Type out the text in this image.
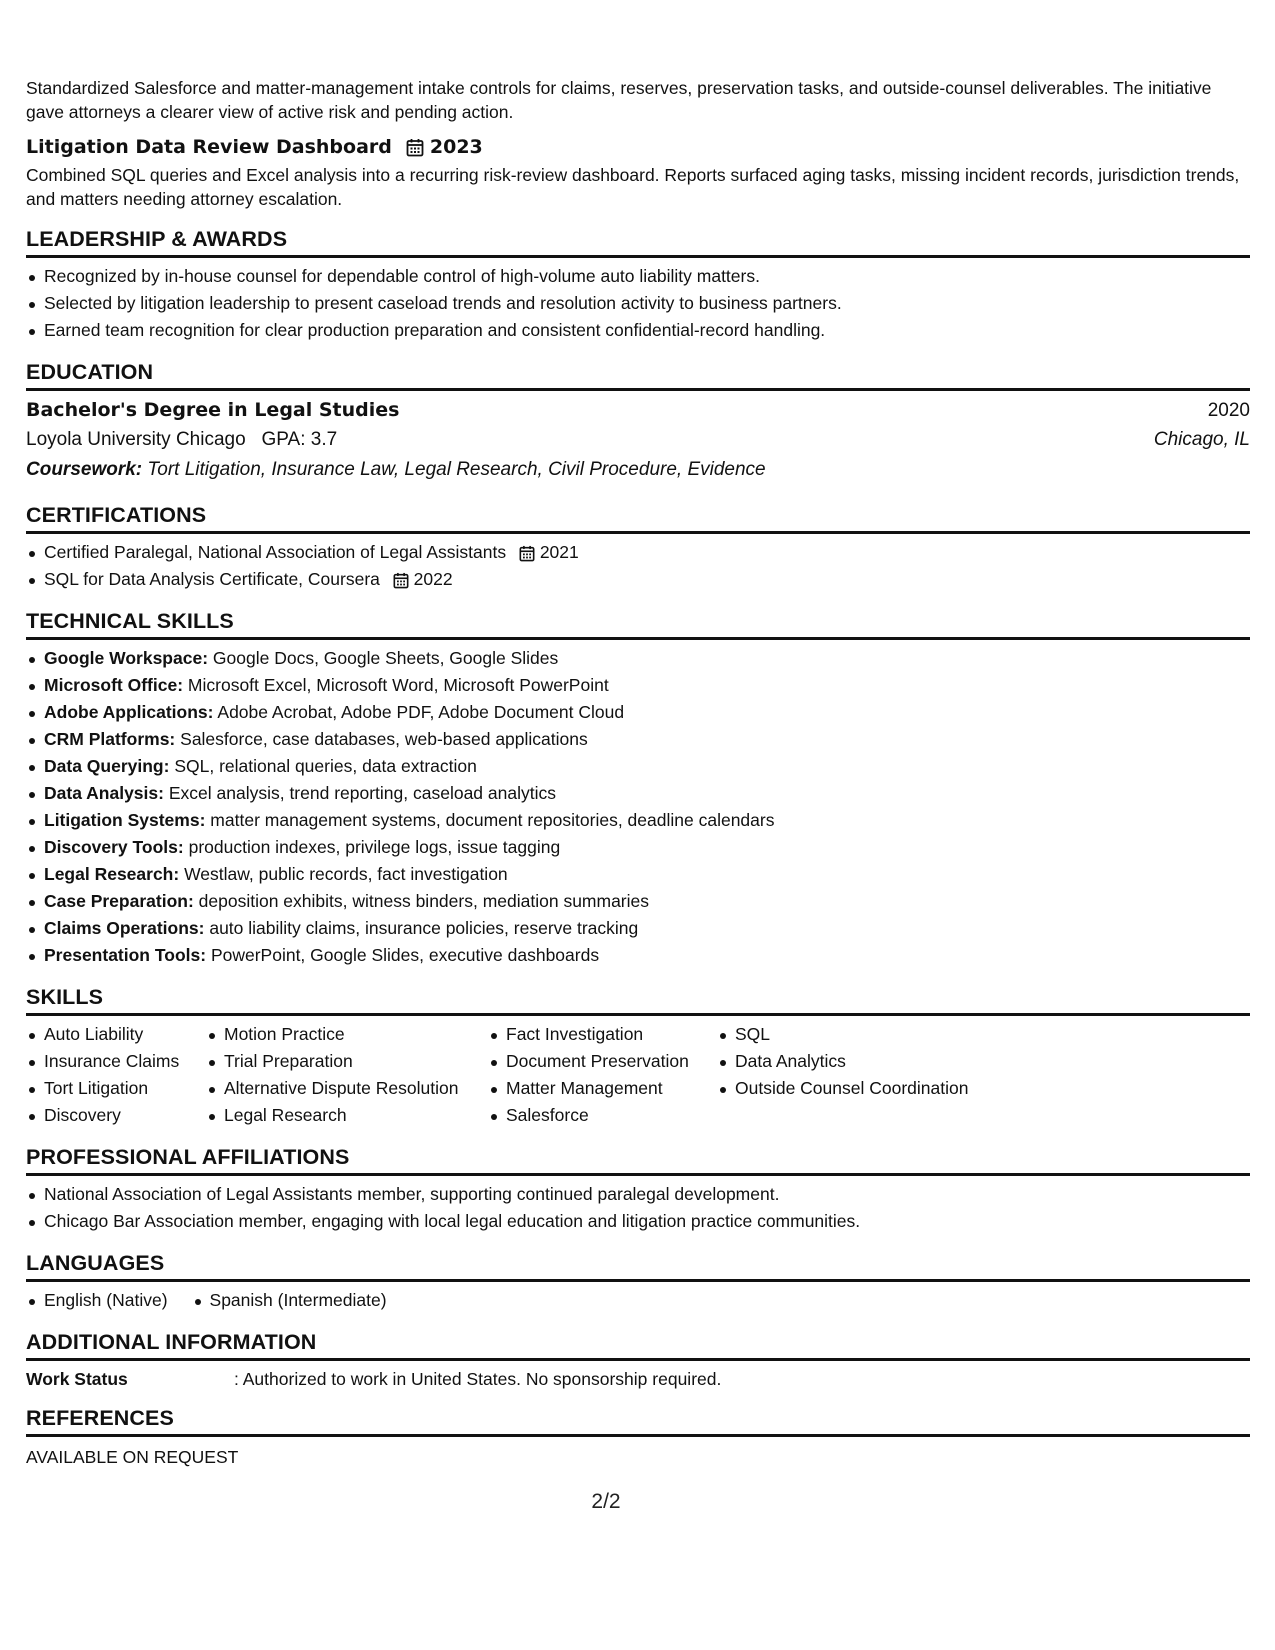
Standardized Salesforce and matter-management intake controls for claims, reserves, preservation tasks, and outside-counsel deliverables. The initiative gave attorneys a clearer view of active risk and pending action.

Litigation Data Review Dashboard 2023

Combined SQL queries and Excel analysis into a recurring risk-review dashboard. Reports surfaced aging tasks, missing incident records, jurisdiction trends, and matters needing attorney escalation.

LEADERSHIP & AWARDS
Recognized by in-house counsel for dependable control of high-volume auto liability matters.
Selected by litigation leadership to present caseload trends and resolution activity to business partners.
Earned team recognition for clear production preparation and consistent confidential-record handling.
EDUCATION
Bachelor's Degree in Legal Studies	2020
Loyola University Chicago GPA: 3.7	Chicago, IL
Coursework: Tort Litigation, Insurance Law, Legal Research, Civil Procedure, Evidence
CERTIFICATIONS
Certified Paralegal, National Association of Legal Assistants 2021
SQL for Data Analysis Certificate, Coursera 2022
TECHNICAL SKILLS
Google Workspace: Google Docs, Google Sheets, Google Slides
Microsoft Office: Microsoft Excel, Microsoft Word, Microsoft PowerPoint
Adobe Applications: Adobe Acrobat, Adobe PDF, Adobe Document Cloud
CRM Platforms: Salesforce, case databases, web-based applications
Data Querying: SQL, relational queries, data extraction
Data Analysis: Excel analysis, trend reporting, caseload analytics
Litigation Systems: matter management systems, document repositories, deadline calendars
Discovery Tools: production indexes, privilege logs, issue tagging
Legal Research: Westlaw, public records, fact investigation
Case Preparation: deposition exhibits, witness binders, mediation summaries
Claims Operations: auto liability claims, insurance policies, reserve tracking
Presentation Tools: PowerPoint, Google Slides, executive dashboards
SKILLS
Auto Liability
Insurance Claims
Tort Litigation
Discovery
Motion Practice
Trial Preparation
Alternative Dispute Resolution
Legal Research
Fact Investigation
Document Preservation
Matter Management
Salesforce
SQL
Data Analytics
Outside Counsel Coordination
PROFESSIONAL AFFILIATIONS
National Association of Legal Assistants member, supporting continued paralegal development.
Chicago Bar Association member, engaging with local legal education and litigation practice communities.
LANGUAGES
English (Native)	Spanish (Intermediate)
ADDITIONAL INFORMATION
Work Status	: Authorized to work in United States. No sponsorship required.
REFERENCES
AVAILABLE ON REQUEST
2/2
